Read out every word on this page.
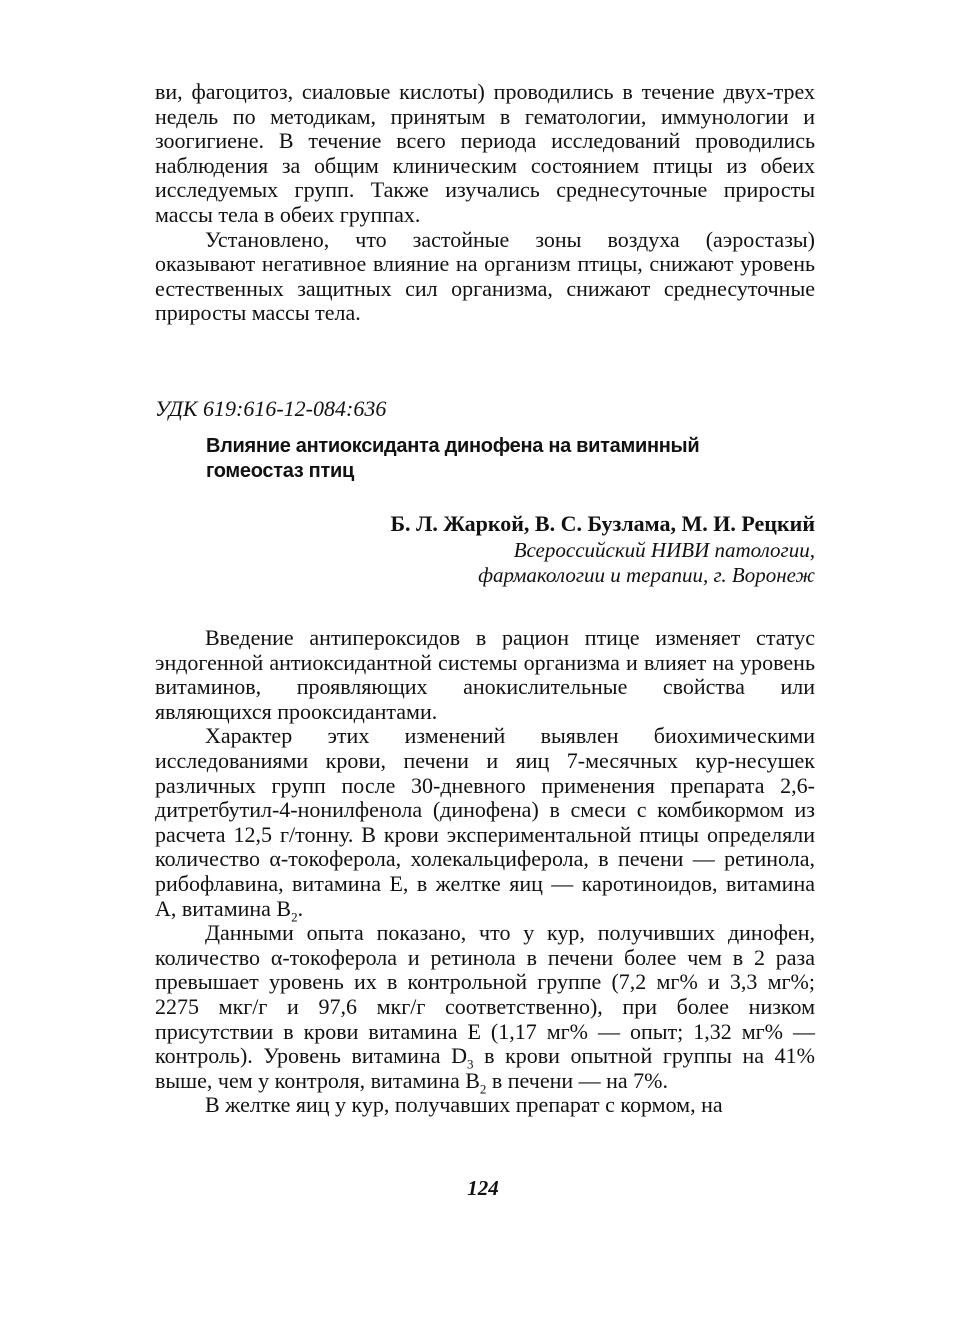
ви, фагоцитоз, сиаловые кислоты) проводились в течение двух-трех недель по методикам, принятым в гематологии, иммунологии и зоогигиене. В течение всего периода исследований проводились наблюдения за общим клиническим состоянием птицы из обеих исследуемых групп. Также изучались среднесуточные приросты массы тела в обеих группах.

Установлено, что застойные зоны воздуха (аэростазы) оказывают негативное влияние на организм птицы, снижают уровень естественных защитных сил организма, снижают среднесуточные приросты массы тела.

УДК 619:616-12-084:636
Влияние антиоксиданта динофена на витаминный
гомеостаз птиц
Б. Л. Жаркой, В. С. Бузлама, М. И. Рецкий
Всероссийский НИВИ патологии,
фармакологии и терапии, г. Воронеж

Введение антипероксидов в рацион птице изменяет статус эндогенной антиоксидантной системы организма и влияет на уровень витаминов, проявляющих анокислительные свойства или являющихся прооксидантами.

Характер этих изменений выявлен биохимическими исследованиями крови, печени и яиц 7-месячных кур-несушек различных групп после 30-дневного применения препарата 2,6-дитретбутил-4-нонилфенола (динофена) в смеси с комбикормом из расчета 12,5 г/тонну. В крови экспериментальной птицы определяли количество α-токоферола, холекальциферола, в печени — ретинола, рибофлавина, витамина Е, в желтке яиц — каротиноидов, витамина А, витамина $В_2$.

Данными опыта показано, что у кур, получивших динофен, количество α-токоферола и ретинола в печени более чем в 2 раза превышает уровень их в контрольной группе (7,2 мг% и 3,3 мг%; 2275 мкг/г и 97,6 мкг/г соответственно), при более низком присутствии в крови витамина Е (1,17 мг% — опыт; 1,32 мг% — контроль). Уровень витамина $D_3$ в крови опытной группы на 41% выше, чем у контроля, витамина $В_2$ в печени — на 7%.

В желтке яиц у кур, получавших препарат с кормом, на

124
